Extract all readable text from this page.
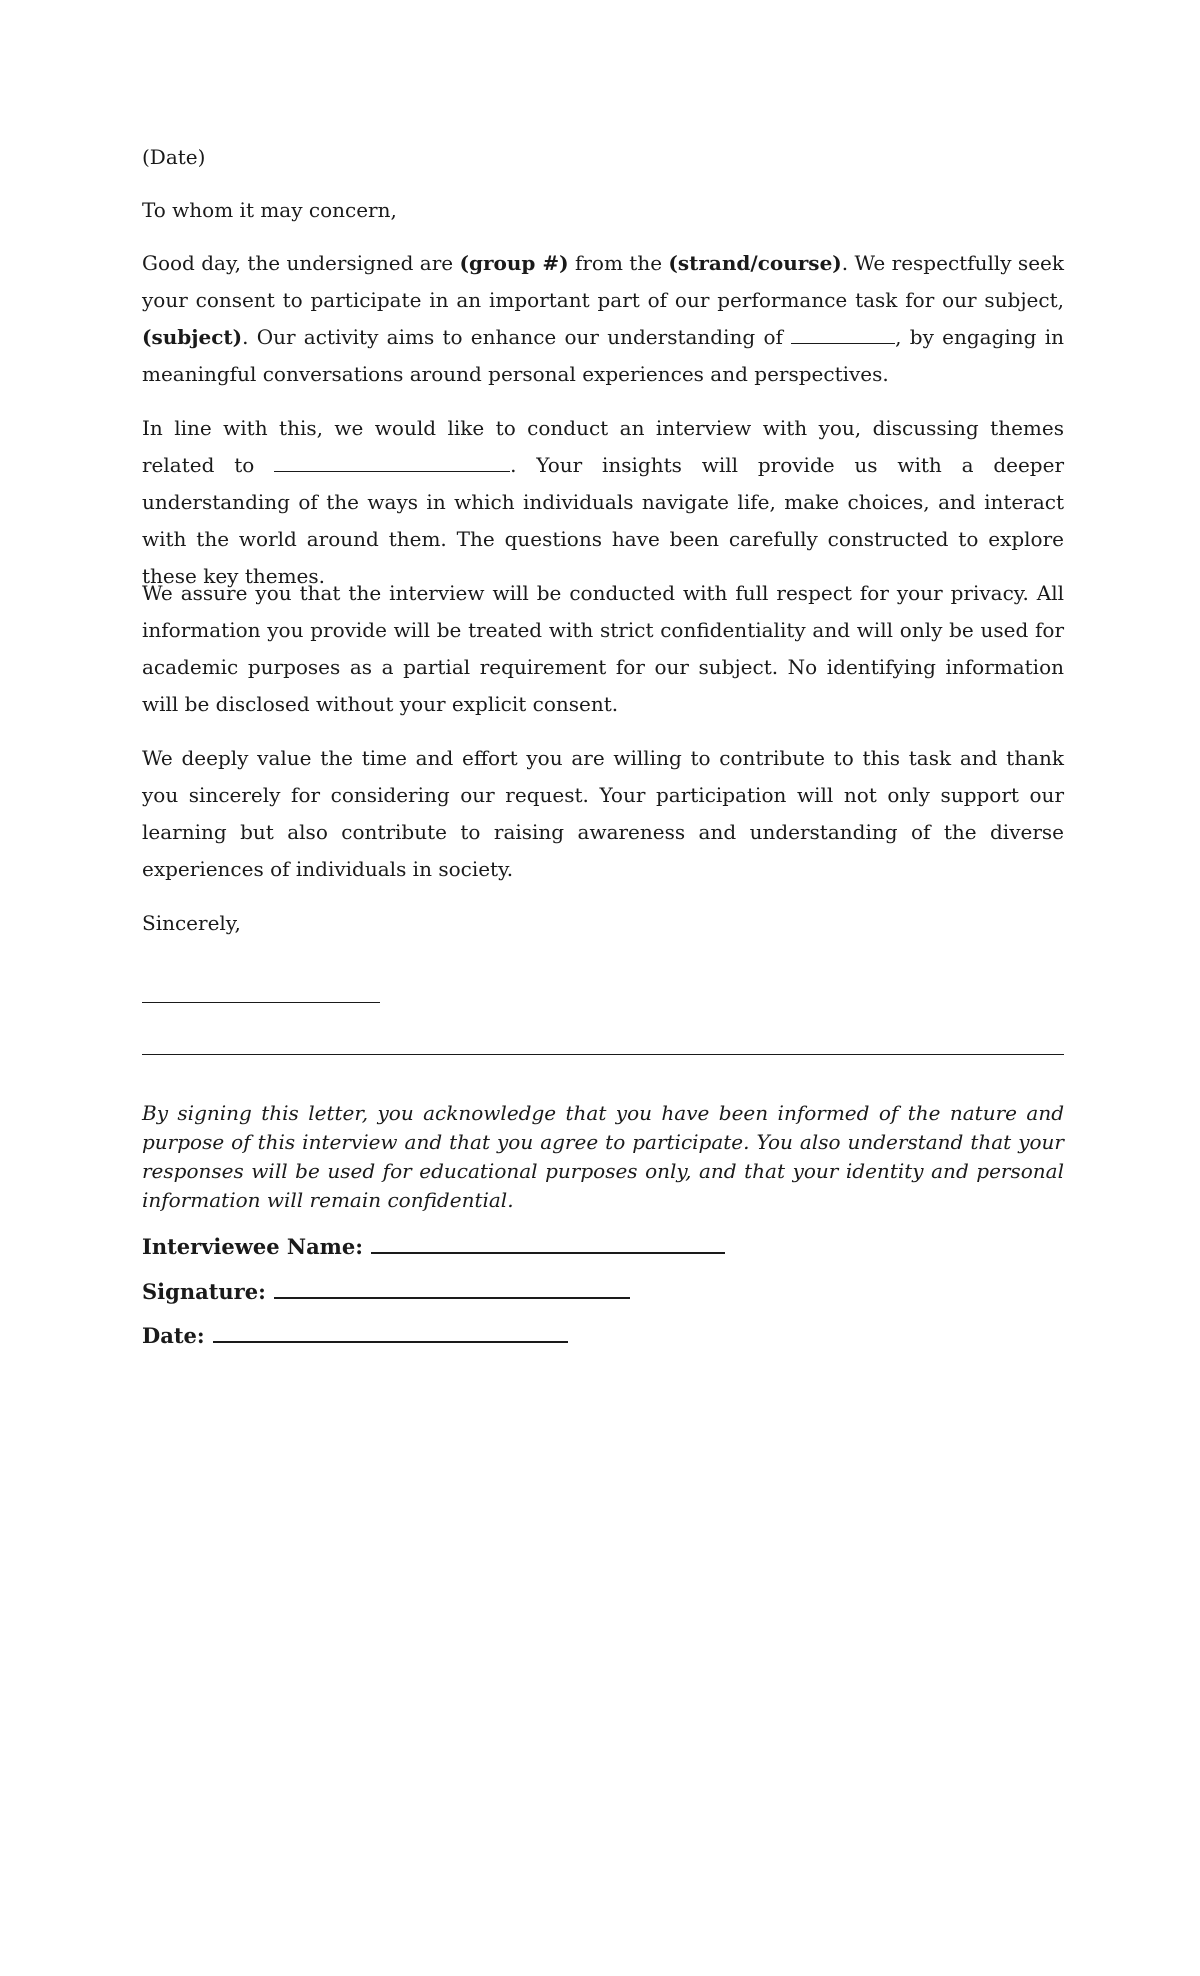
(Date)

To whom it may concern,

Good day, the undersigned are (group #) from the (strand/course). We respectfully seek your consent to participate in an important part of our performance task for our subject, (subject). Our activity aims to enhance our understanding of	, by engaging in meaningful conversations around personal experiences and perspectives.

In line with this, we would like to conduct an interview with you, discussing themes related to	. Your insights will provide us with a deeper understanding of the ways in which individuals navigate life, make choices, and interact with the world around them. The questions have been carefully constructed to explore these key themes.

We assure you that the interview will be conducted with full respect for your privacy. All information you provide will be treated with strict confidentiality and will only be used for academic purposes as a partial requirement for our subject. No identifying information will be disclosed without your explicit consent.

We deeply value the time and effort you are willing to contribute to this task and thank you sincerely for considering our request. Your participation will not only support our learning but also contribute to raising awareness and understanding of the diverse experiences of individuals in society.

Sincerely,

By signing this letter, you acknowledge that you have been informed of the nature and purpose of this interview and that you agree to participate. You also understand that your responses will be used for educational purposes only, and that your identity and personal information will remain confidential.

Interviewee Name:
Signature:
Date:
